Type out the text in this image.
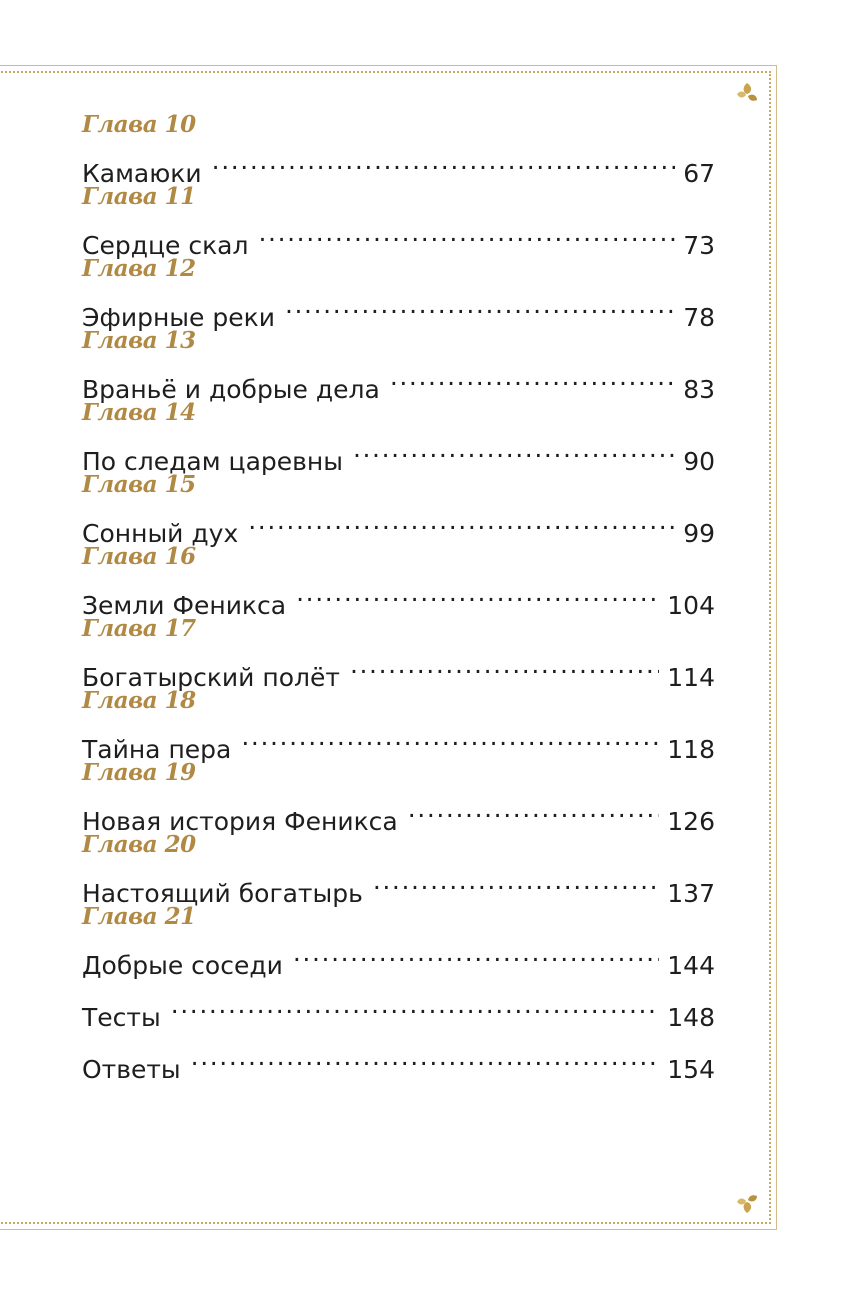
Глава 10
Камаюки .....	67
Глава 11
Сердце скал .....	73
Глава 12
Эфирные реки .....	78
Глава 13
Враньё и добрые дела .....	83
Глава 14
По следам царевны .....	90
Глава 15
Сонный дух .....	99
Глава 16
Земли Феникса .....	104
Глава 17
Богатырский полёт .....	114
Глава 18
Тайна пера .....	118
Глава 19
Новая история Феникса .....	126
Глава 20
Настоящий богатырь .....	137
Глава 21
Добрые соседи .....	144
Тесты .....	148
Ответы .....	154
